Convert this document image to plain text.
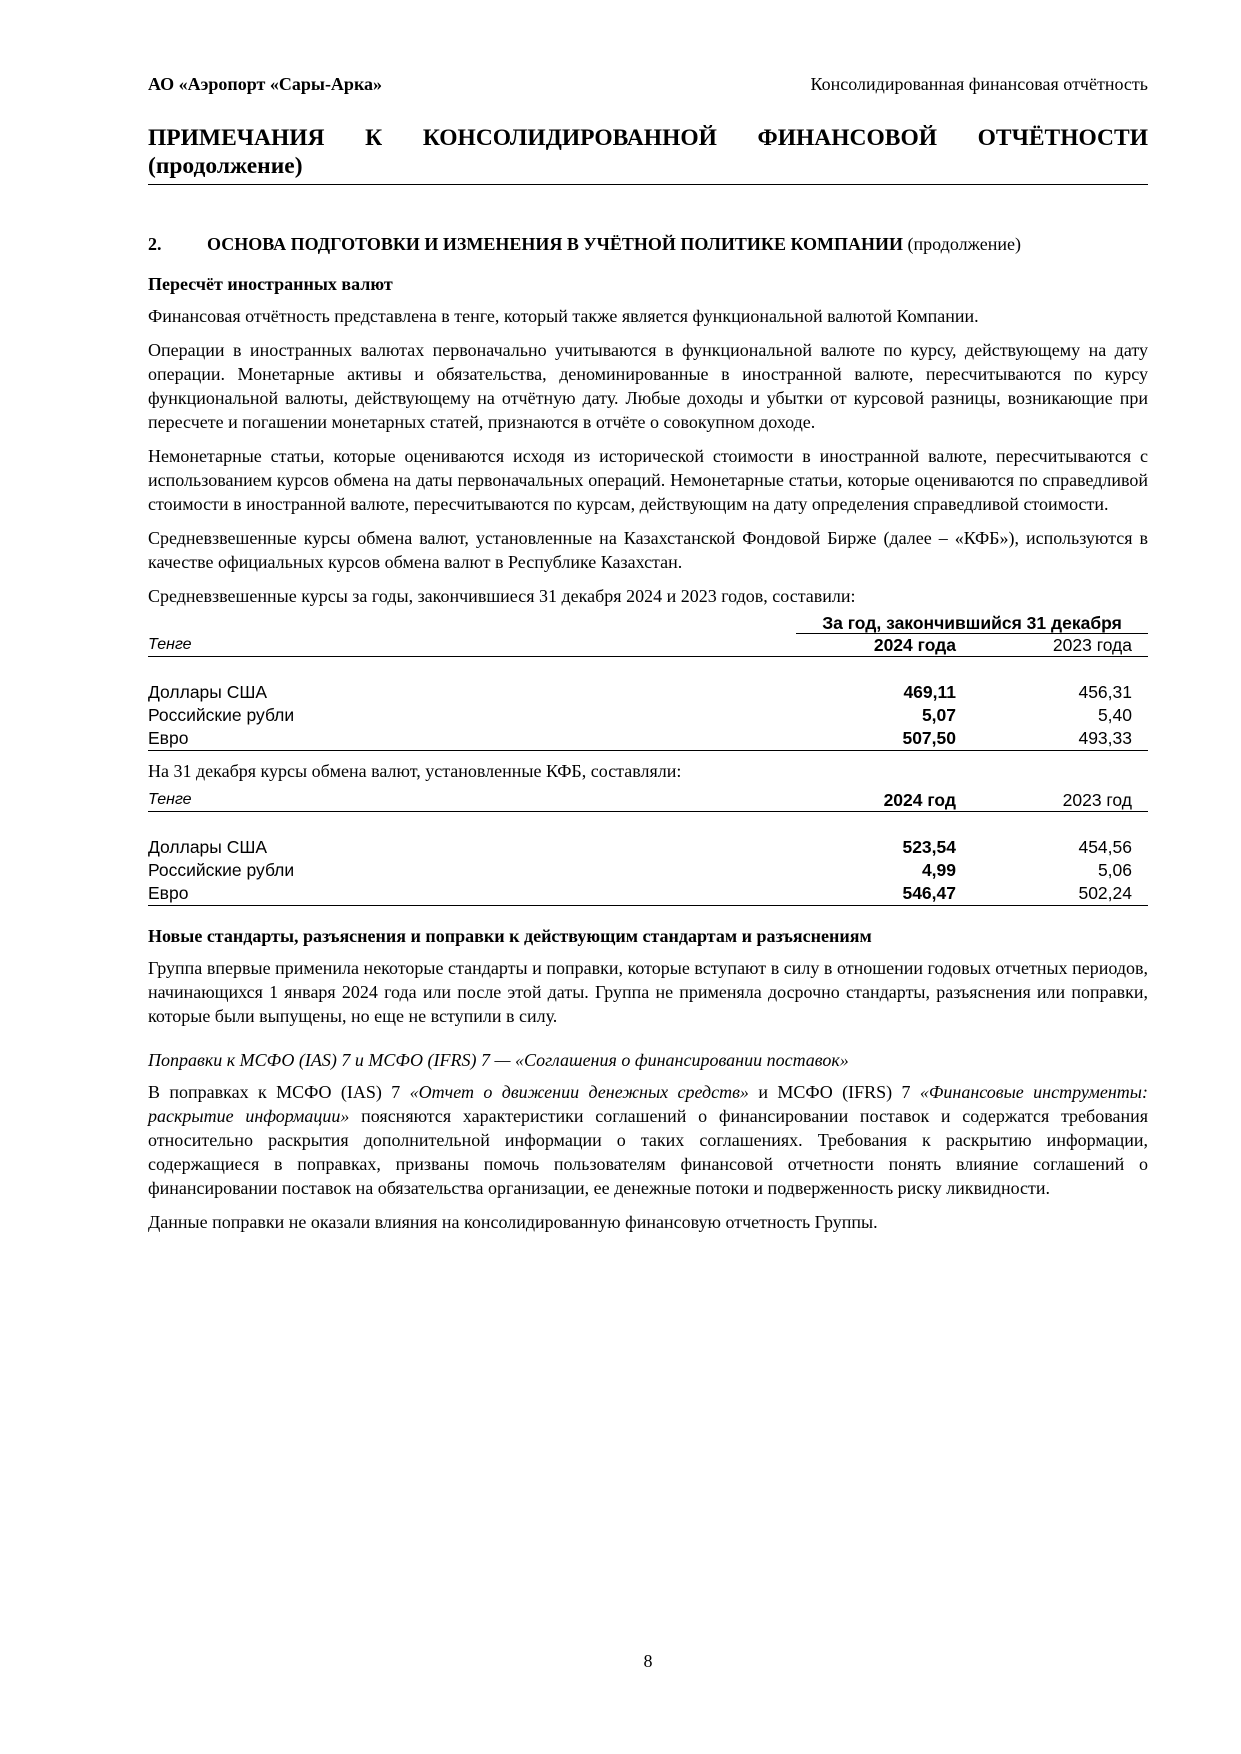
АО «Аэропорт «Сары-Арка»	Консолидированная финансовая отчётность
ПРИМЕЧАНИЯ К КОНСОЛИДИРОВАННОЙ ФИНАНСОВОЙ ОТЧЁТНОСТИ
(продолжение)
2.	ОСНОВА ПОДГОТОВКИ И ИЗМЕНЕНИЯ В УЧЁТНОЙ ПОЛИТИКЕ КОМПАНИИ
(продолжение)
Пересчёт иностранных валют

Финансовая отчётность представлена в тенге, который также является функциональной валютой Компании.

Операции в иностранных валютах первоначально учитываются в функциональной валюте по курсу, действующему на дату операции. Монетарные активы и обязательства, деноминированные в иностранной валюте, пересчитываются по курсу функциональной валюты, действующему на отчётную дату. Любые доходы и убытки от курсовой разницы, возникающие при пересчете и погашении монетарных статей, признаются в отчёте о совокупном доходе.

Немонетарные статьи, которые оцениваются исходя из исторической стоимости в иностранной валюте, пересчитываются с использованием курсов обмена на даты первоначальных операций. Немонетарные статьи, которые оцениваются по справедливой стоимости в иностранной валюте, пересчитываются по курсам, действующим на дату определения справедливой стоимости.

Средневзвешенные курсы обмена валют, установленные на Казахстанской Фондовой Бирже (далее – «КФБ»), используются в качестве официальных курсов обмена валют в Республике Казахстан.

Средневзвешенные курсы за годы, закончившиеся 31 декабря 2024 и 2023 годов, составили:

За год, закончившийся 31 декабря
Тенге	2024 года	2023 года
Доллары США	469,11	456,31
Российские рубли	5,07	5,40
Евро	507,50	493,33

На 31 декабря курсы обмена валют, установленные КФБ, составляли:

Тенге	2024 год	2023 год
Доллары США	523,54	454,56
Российские рубли	4,99	5,06
Евро	546,47	502,24
Новые стандарты, разъяснения и поправки к действующим стандартам и разъяснениям

Группа впервые применила некоторые стандарты и поправки, которые вступают в силу в отношении годовых отчетных периодов, начинающихся 1 января 2024 года или после этой даты. Группа не применяла досрочно стандарты, разъяснения или поправки, которые были выпущены, но еще не вступили в силу.

Поправки к МСФО (IAS) 7 и МСФО (IFRS) 7 — «Соглашения о финансировании поставок»

В поправках к МСФО (IAS) 7 «Отчет о движении денежных средств» и МСФО (IFRS) 7 «Финансовые инструменты: раскрытие информации» поясняются характеристики соглашений о финансировании поставок и содержатся требования относительно раскрытия дополнительной информации о таких соглашениях. Требования к раскрытию информации, содержащиеся в поправках, призваны помочь пользователям финансовой отчетности понять влияние соглашений о финансировании поставок на обязательства организации, ее денежные потоки и подверженность риску ликвидности.

Данные поправки не оказали влияния на консолидированную финансовую отчетность Группы.

8
